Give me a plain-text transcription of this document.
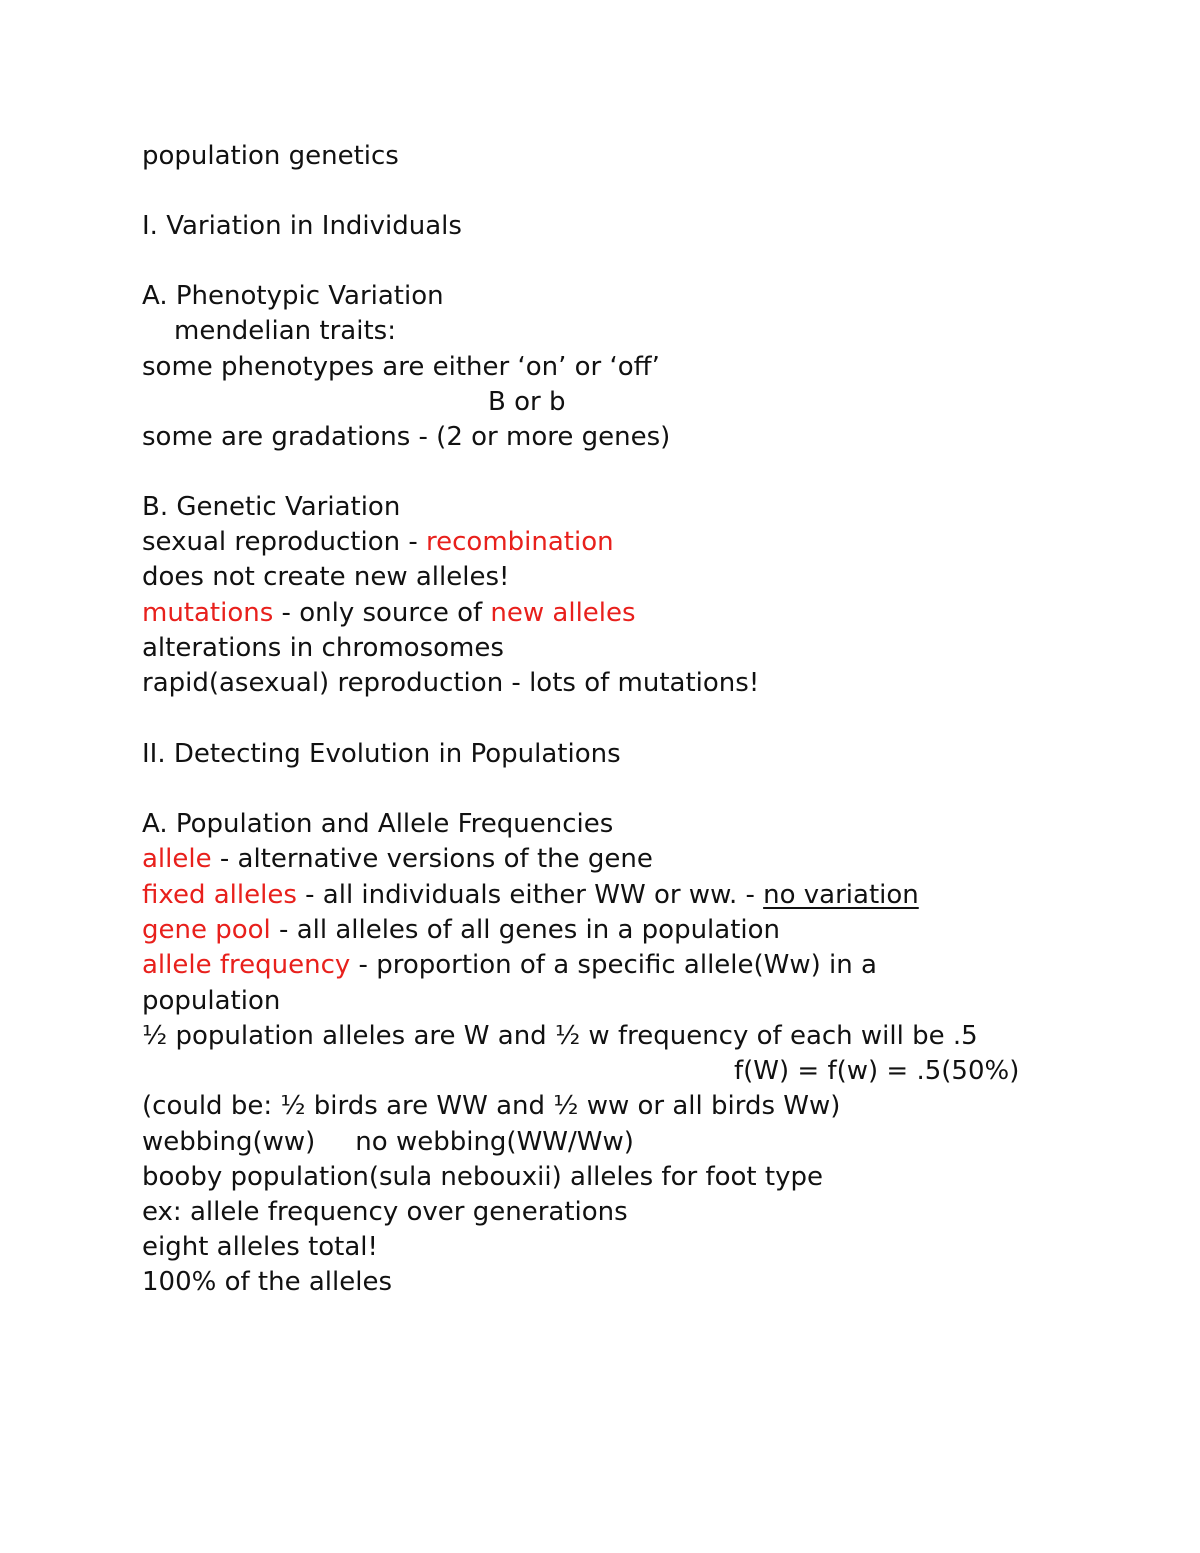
population genetics
I. Variation in Individuals
A. Phenotypic Variation
mendelian traits:
some phenotypes are either ‘on’ or ‘off’
B or b
some are gradations - (2 or more genes)
B. Genetic Variation
sexual reproduction - recombination
does not create new alleles!
mutations - only source of new alleles
alterations in chromosomes
rapid(asexual) reproduction - lots of mutations!
II. Detecting Evolution in Populations
A. Population and Allele Frequencies
allele - alternative versions of the gene
fixed alleles - all individuals either WW or ww. - no variation
gene pool - all alleles of all genes in a population
allele frequency - proportion of a specific allele(Ww) in a
population
½ population alleles are W and ½ w frequency of each will be .5
f(W) = f(w) = .5(50%)
(could be: ½ birds are WW and ½ ww or all birds Ww)
webbing(ww) no webbing(WW/Ww)
booby population(sula nebouxii) alleles for foot type
ex: allele frequency over generations
eight alleles total!
100% of the alleles
